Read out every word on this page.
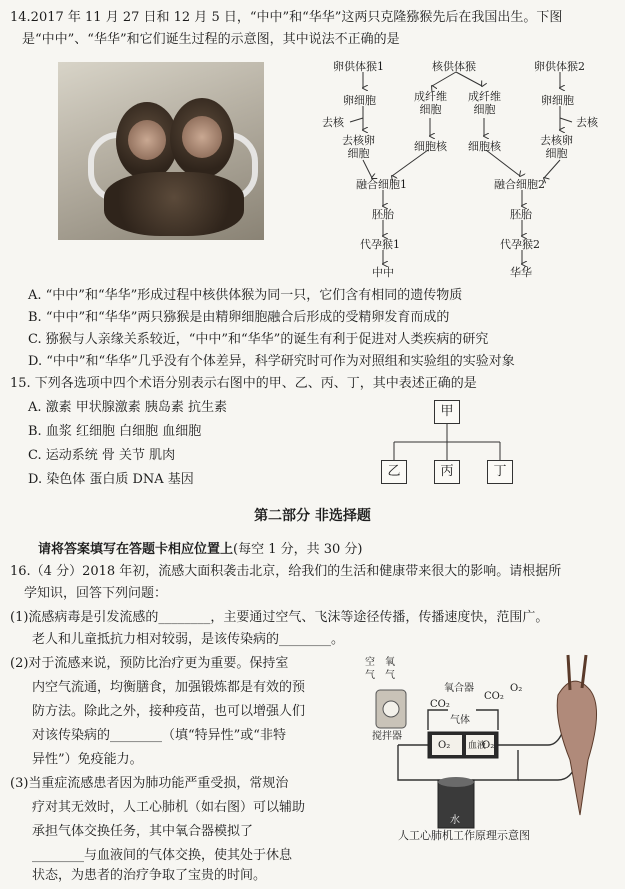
14.2017 年 11 月 27 日和 12 月 5 日，“中中”和“华华”这两只克隆猕猴先后在我国出生。下图
是“中中”、“华华”和它们诞生过程的示意图，其中说法不正确的是
卵供体猴1	核供体猴	卵供体猴2
卵细胞	成纤维
细胞
成纤维
细胞
卵细胞
去核	去核
去核卵
细胞
细胞核 细胞核	去核卵
细胞
融合细胞1	融合细胞2
胚胎	胚胎
代孕猴1	代孕猴2
中中	华华
A. “中中”和“华华”形成过程中核供体猴为同一只，它们含有相同的遗传物质
B. “中中”和“华华”两只猕猴是由精卵细胞融合后形成的受精卵发育而成的
C. 猕猴与人亲缘关系较近，“中中”和“华华”的诞生有利于促进对人类疾病的研究
D. “中中”和“华华”几乎没有个体差异，科学研究时可作为对照组和实验组的实验对象
15. 下列各选项中四个术语分别表示右图中的甲、乙、丙、丁，其中表述正确的是
A. 激素 甲状腺激素 胰岛素 抗生素
B. 血浆 红细胞 白细胞 血细胞
C. 运动系统 骨 关节 肌肉
D. 染色体 蛋白质 DNA 基因
甲
乙	丙	丁
第二部分 非选择题
请将答案填写在答题卡相应位置上(每空 1 分，共 30 分)
16.（4 分）2018 年初，流感大面积袭击北京，给我们的生活和健康带来很大的影响。请根据所
学知识，回答下列问题：
(1)流感病毒是引发流感的________，主要通过空气、飞沫等途径传播，传播速度快，范围广。
老人和儿童抵抗力相对较弱，是该传染病的________。
(2)对于流感来说，预防比治疗更为重要。保持室
内空气流通，均衡膳食，加强锻炼都是有效的预
防方法。除此之外，接种疫苗，也可以增强人们
对该传染病的________（填“特异性”或“非特
异性”）免疫能力。
(3)当重症流感患者因为肺功能严重受损，常规治
疗对其无效时，人工心肺机（如右图）可以辅助
承担气体交换任务，其中氧合器模拟了
________与血液间的气体交换，使其处于休息
状态，为患者的治疗争取了宝贵的时间。
空气
氧气
氧合器
CO₂
CO₂
O₂
气体
血液
O₂	O₂
搅拌器
水
人工心肺机工作原理示意图
